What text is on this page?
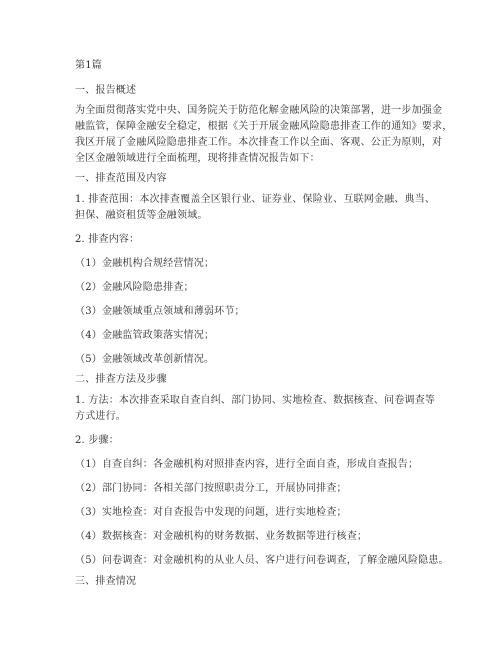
第1篇
一、报告概述
为全面贯彻落实党中央、国务院关于防范化解金融风险的决策部署，进一步加强金
融监管，保障金融安全稳定，根据《关于开展金融风险隐患排查工作的通知》要求，
我区开展了金融风险隐患排查工作。本次排查工作以全面、客观、公正为原则，对
全区金融领域进行全面梳理，现将排查情况报告如下：
一、排查范围及内容
1. 排查范围：本次排查覆盖全区银行业、证券业、保险业、互联网金融、典当、
担保、融资租赁等金融领域。
2. 排查内容：
（1）金融机构合规经营情况；
（2）金融风险隐患排查；
（3）金融领域重点领域和薄弱环节；
（4）金融监管政策落实情况；
（5）金融领域改革创新情况。
二、排查方法及步骤
1. 方法：本次排查采取自查自纠、部门协同、实地检查、数据核查、问卷调查等
方式进行。
2. 步骤：
（1）自查自纠：各金融机构对照排查内容，进行全面自查，形成自查报告；
（2）部门协同：各相关部门按照职责分工，开展协同排查；
（3）实地检查：对自查报告中发现的问题，进行实地检查；
（4）数据核查：对金融机构的财务数据、业务数据等进行核查；
（5）问卷调查：对金融机构的从业人员、客户进行问卷调查，了解金融风险隐患。
三、排查情况
